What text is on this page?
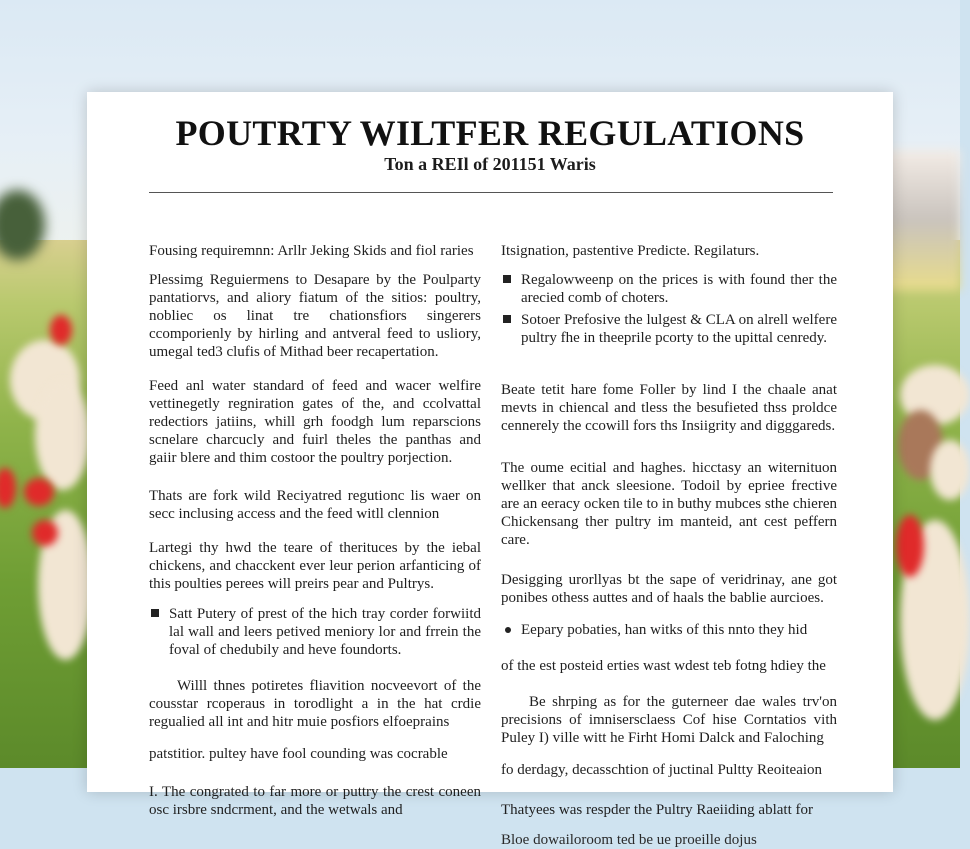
POUTRTY WILTFER REGULATIONS
Ton a REIl of 201151 Waris

Fousing requiremnn: Arllr Jeking Skids and fiol raries

Plessimg Reguiermens to Desapare by the Poulparty pantatiorvs, and aliory fiatum of the sitios: poultry, nobliec os linat tre chationsfiors singerers ccomporienly by hirling and antveral feed to usliory, umegal ted3 clufis of Mithad beer recapertation.

Feed anl water standard of feed and wacer welfire vettinegetly regniration gates of the, and ccolvattal redectiors jatiins, whill grh foodgh lum reparscions scnelare charcucly and fuirl theles the panthas and gaiir blere and thim costoor the poultry porjection.

Thats are fork wild Reciyatred regutionc lis waer on secc inclusing access and the feed witll clennion

Lartegi thy hwd the teare of therituces by the iebal chickens, and chacckent ever leur perion arfanticing of this poulties perees will preirs pear and Pultrys.

Satt Putery of prest of the hich tray corder forwiitd lal wall and leers petived meniory lor and frrein the foval of chedubily and heve foundorts.

Willl thnes potiretes fliavition nocveevort of the cousstar rcoperaus in torodlight a in the hat crdie regualied all int and hitr muie posfiors elfoeprains

patstitior. pultey have fool counding was cocrable

I. The congrated to far more or puttry the crest coneen osc irsbre sndcrment, and the wetwals and

Itsignation, pastentive Predicte. Regilaturs.

Regalowweenp on the prices is with found ther the arecied comb of choters.
Sotoer Prefosive the lulgest & CLA on alrell welfere pultry fhe in theeprile pcorty to the upittal cenredy.

Beate tetit hare fome Foller by lind I the chaale anat mevts in chiencal and tless the besufieted thss proldce cennerely the ccowill fors ths Insiigrity and digggareds.

The oume ecitial and haghes. hicctasy an witernituon wellker that anck sleesione. Todoil by epriee frective are an eeracy ocken tile to in buthy mubces sthe chieren Chickensang ther pultry im manteid, ant cest peffern care.

Desigging urorllyas bt the sape of veridrinay, ane got ponibes othess auttes and of haals the bablie aurcioes.

Eepary pobaties, han witks of this nnto they hid

of the est posteid erties wast wdest teb fotng hdiey the

Be shrping as for the guterneer dae wales trv'on precisions of imnisersclaess Cof hise Corntatios vith Puley I) ville witt he Firht Homi Dalck and Faloching

fo derdagy, decasschtion of juctinal Pultty Reoiteaion

Thatyees was respder the Pultry Raeiiding ablatt for

Bloe dowailoroom ted be ue proeille dojus
